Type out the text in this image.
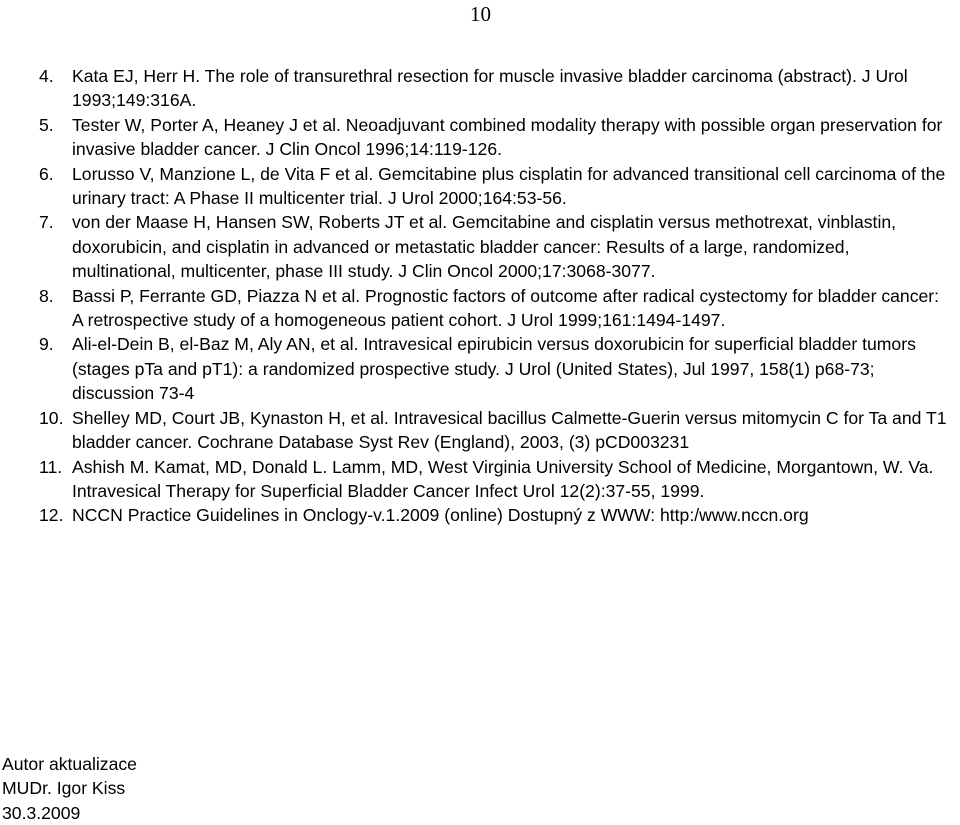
10
4. Kata EJ, Herr H. The role of transurethral resection for muscle invasive bladder carcinoma (abstract). J Urol 1993;149:316A.
5. Tester W, Porter A, Heaney J et al. Neoadjuvant combined modality therapy with possible organ preservation for invasive bladder cancer. J Clin Oncol 1996;14:119-126.
6. Lorusso V, Manzione L, de Vita F et al. Gemcitabine plus cisplatin for advanced transitional cell carcinoma of the urinary tract: A Phase II multicenter trial. J Urol 2000;164:53-56.
7. von der Maase H, Hansen SW, Roberts JT et al. Gemcitabine and cisplatin versus methotrexat, vinblastin, doxorubicin, and cisplatin in advanced or metastatic bladder cancer: Results of a large, randomized, multinational, multicenter, phase III study. J Clin Oncol 2000;17:3068-3077.
8. Bassi P, Ferrante GD, Piazza N et al. Prognostic factors of outcome after radical cystectomy for bladder cancer: A retrospective study of a homogeneous patient cohort. J Urol 1999;161:1494-1497.
9. Ali-el-Dein B, el-Baz M, Aly AN, et al. Intravesical epirubicin versus doxorubicin for superficial bladder tumors (stages pTa and pT1): a randomized prospective study. J Urol (United States), Jul 1997, 158(1) p68-73; discussion 73-4
10. Shelley MD, Court JB, Kynaston H, et al. Intravesical bacillus Calmette-Guerin versus mitomycin C for Ta and T1 bladder cancer. Cochrane Database Syst Rev (England), 2003, (3) pCD003231
11. Ashish M. Kamat, MD, Donald L. Lamm, MD, West Virginia University School of Medicine, Morgantown, W. Va. Intravesical Therapy for Superficial Bladder Cancer Infect Urol 12(2):37-55, 1999.
12. NCCN Practice Guidelines in Onclogy-v.1.2009 (online) Dostupný z WWW: http:/www.nccn.org
Autor aktualizace
MUDr. Igor Kiss
30.3.2009
